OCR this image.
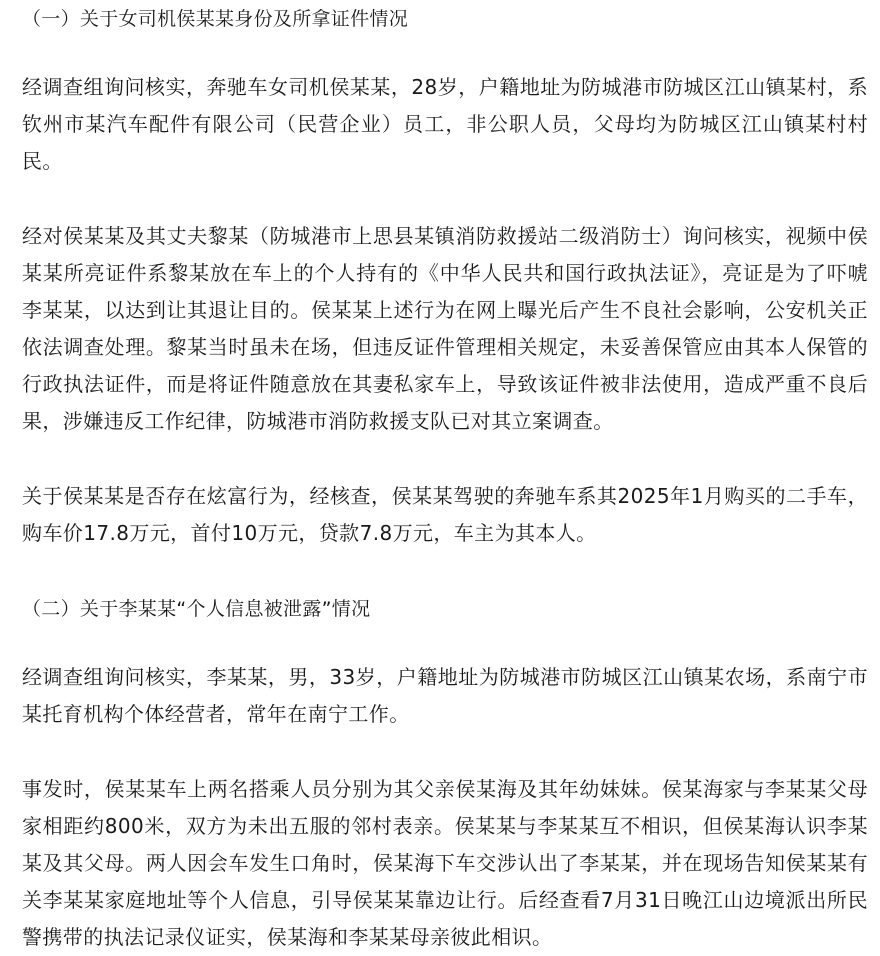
（一）关于女司机侯某某身份及所拿证件情况

经调查组询问核实，奔驰车女司机侯某某，28岁，户籍地址为防城港市防城区江山镇某村，系钦州市某汽车配件有限公司（民营企业）员工，非公职人员，父母均为防城区江山镇某村村民。

经对侯某某及其丈夫黎某（防城港市上思县某镇消防救援站二级消防士）询问核实，视频中侯某某所亮证件系黎某放在车上的个人持有的《中华人民共和国行政执法证》，亮证是为了吓唬李某某，以达到让其退让目的。侯某某上述行为在网上曝光后产生不良社会影响，公安机关正依法调查处理。黎某当时虽未在场，但违反证件管理相关规定，未妥善保管应由其本人保管的行政执法证件，而是将证件随意放在其妻私家车上，导致该证件被非法使用，造成严重不良后果，涉嫌违反工作纪律，防城港市消防救援支队已对其立案调查。

关于侯某某是否存在炫富行为，经核查，侯某某驾驶的奔驰车系其2025年1月购买的二手车，购车价17.8万元，首付10万元，贷款7.8万元，车主为其本人。

（二）关于李某某“个人信息被泄露”情况

经调查组询问核实，李某某，男，33岁，户籍地址为防城港市防城区江山镇某农场，系南宁市某托育机构个体经营者，常年在南宁工作。

事发时，侯某某车上两名搭乘人员分别为其父亲侯某海及其年幼妹妹。侯某海家与李某某父母家相距约800米，双方为未出五服的邻村表亲。侯某某与李某某互不相识，但侯某海认识李某某及其父母。两人因会车发生口角时，侯某海下车交涉认出了李某某，并在现场告知侯某某有关李某某家庭地址等个人信息，引导侯某某靠边让行。后经查看7月31日晚江山边境派出所民警携带的执法记录仪证实，侯某海和李某某母亲彼此相识。
